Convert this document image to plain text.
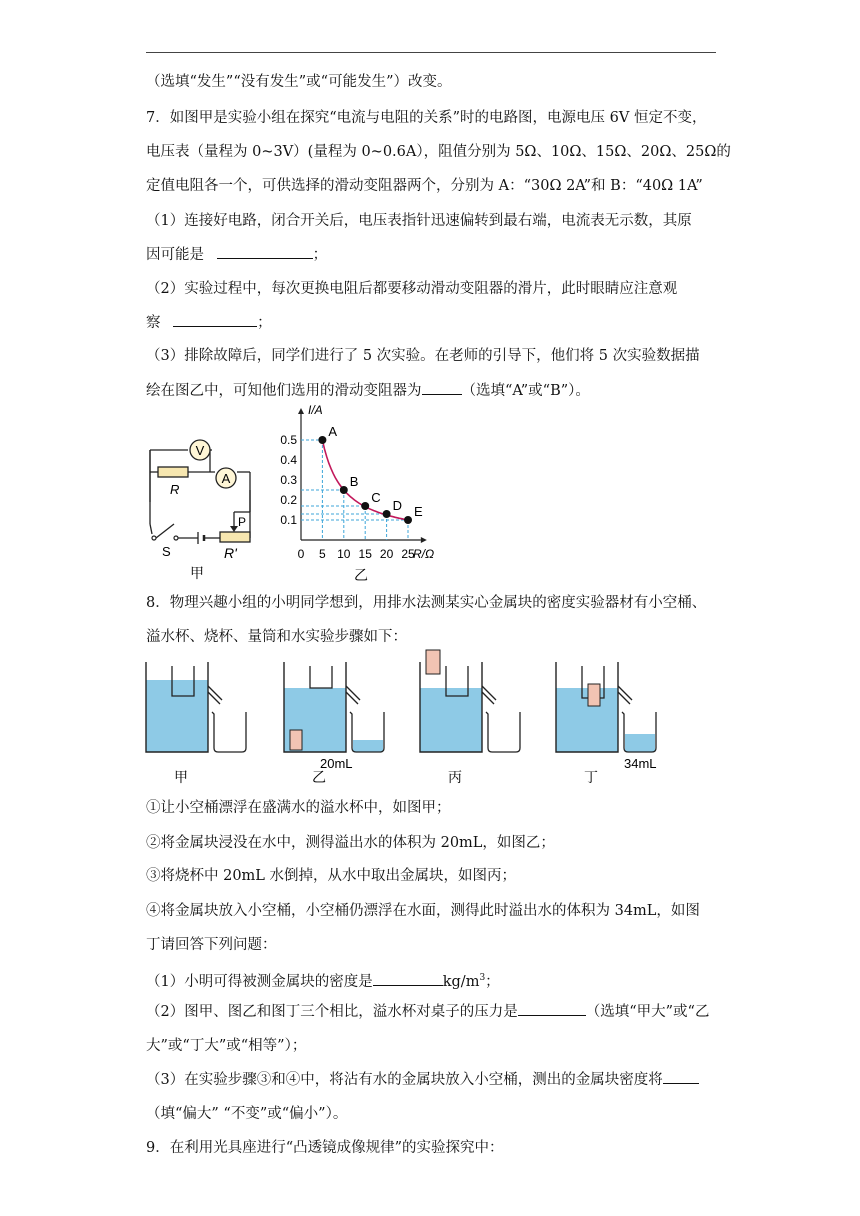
（选填“发生”“没有发生”或“可能发生”）改变。
7．如图甲是实验小组在探究“电流与电阻的关系”时的电路图，电源电压 6V 恒定不变，
电压表（量程为 0~3V）(量程为 0~0.6A），阻值分别为 5Ω、10Ω、15Ω、20Ω、25Ω的
定值电阻各一个，可供选择的滑动变阻器两个，分别为 A：“30Ω 2A”和 B：“40Ω 1A”
（1）连接好电路，闭合开关后，电压表指针迅速偏转到最右端，电流表无示数，其原
因可能是	；
（2）实验过程中，每次更换电阻后都要移动滑动变阻器的滑片，此时眼睛应注意观
察	；
（3）排除故障后，同学们进行了 5 次实验。在老师的引导下，他们将 5 次实验数据描
绘在图乙中，可知他们选用的滑动变阻器为	（选填“A”或“B”）。
V
R
A
S	R'
P
甲
I/A
R/Ω
0 5 10 15 20 25
0.1
0.2
0.3
0.4
0.5
A
B
C
D E
乙
甲	乙	丙	丁
20mL	34mL
①让小空桶漂浮在盛满水的溢水杯中，如图甲；
②将金属块浸没在水中，测得溢出水的体积为 20mL，如图乙；
③将烧杯中 20mL 水倒掉，从水中取出金属块，如图丙；
8．物理兴趣小组的小明同学想到，用排水法测某实心金属块的密度实验器材有小空桶、
溢水杯、烧杯、量筒和水实验步骤如下：
④将金属块放入小空桶，小空桶仍漂浮在水面，测得此时溢出水的体积为 34mL，如图
丁请回答下列问题：
（1）小明可得被测金属块的密度是	$kg/m^3$；
（2）图甲、图乙和图丁三个相比，溢水杯对桌子的压力是	（选填“甲大”或“乙
大”或“丁大”或“相等”）；
（3）在实验步骤③和④中，将沾有水的金属块放入小空桶，测出的金属块密度将
（填“偏大” “不变”或“偏小”）。
9．在利用光具座进行“凸透镜成像规律”的实验探究中：
